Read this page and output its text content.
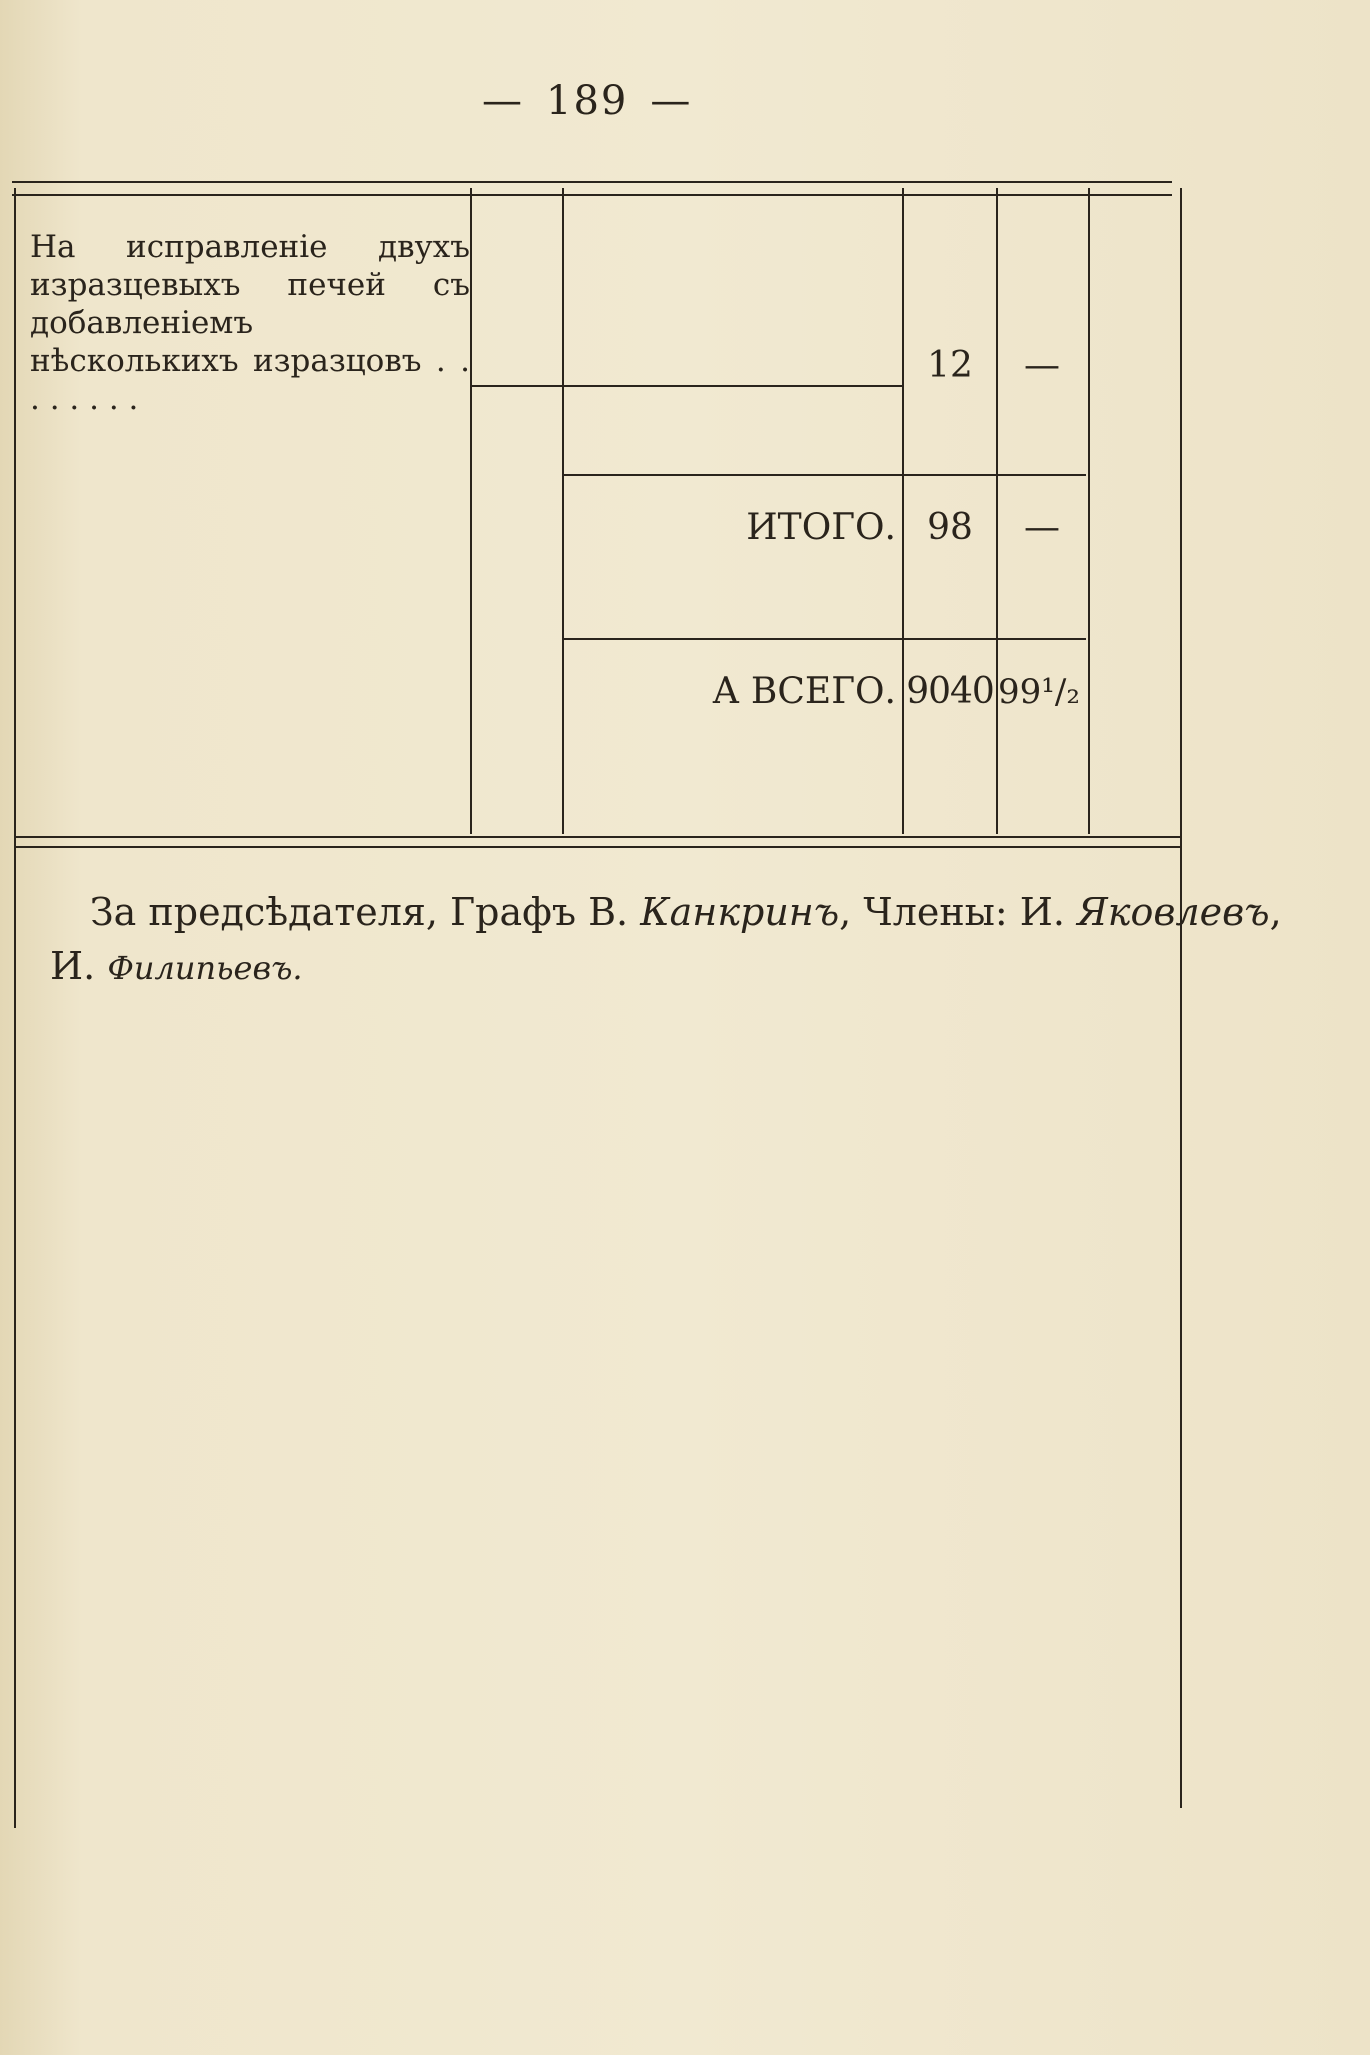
— 189 —
На исправленіе двухъ изразцевыхъ печей съ добавленіемъ нѣсколькихъ изразцовъ . . . . . . . .
12	—
ИТОГО. 98	—
А ВСЕГО. 9040 99¹/₂
За предсѣдателя, Графъ В. Канкринъ, Члены: И. Яковлевъ,
И. Филипьевъ.
